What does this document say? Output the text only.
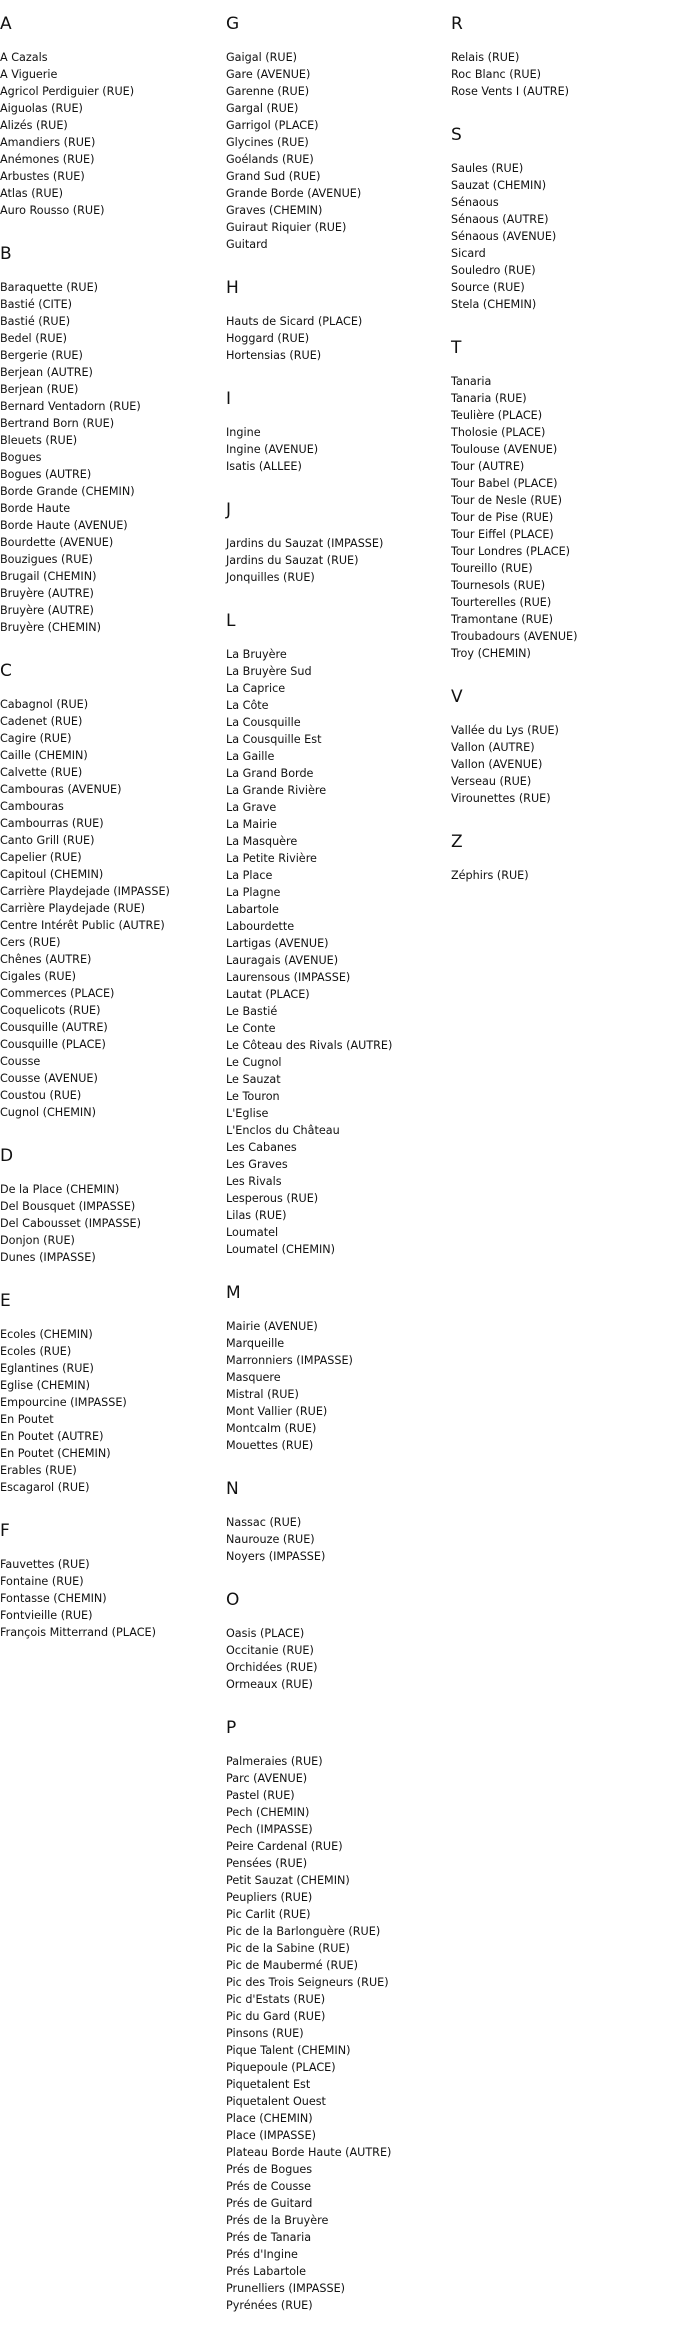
A
A Cazals
A Viguerie
Agricol Perdiguier (RUE)
Aiguolas (RUE)
Alizés (RUE)
Amandiers (RUE)
Anémones (RUE)
Arbustes (RUE)
Atlas (RUE)
Auro Rousso (RUE)
B
Baraquette (RUE)
Bastié (CITE)
Bastié (RUE)
Bedel (RUE)
Bergerie (RUE)
Berjean (AUTRE)
Berjean (RUE)
Bernard Ventadorn (RUE)
Bertrand Born (RUE)
Bleuets (RUE)
Bogues
Bogues (AUTRE)
Borde Grande (CHEMIN)
Borde Haute
Borde Haute (AVENUE)
Bourdette (AVENUE)
Bouzigues (RUE)
Brugail (CHEMIN)
Bruyère (AUTRE)
Bruyère (AUTRE)
Bruyère (CHEMIN)
C
Cabagnol (RUE)
Cadenet (RUE)
Cagire (RUE)
Caille (CHEMIN)
Calvette (RUE)
Cambouras (AVENUE)
Cambouras
Cambourras (RUE)
Canto Grill (RUE)
Capelier (RUE)
Capitoul (CHEMIN)
Carrière Playdejade (IMPASSE)
Carrière Playdejade (RUE)
Centre Intérêt Public (AUTRE)
Cers (RUE)
Chênes (AUTRE)
Cigales (RUE)
Commerces (PLACE)
Coquelicots (RUE)
Cousquille (AUTRE)
Cousquille (PLACE)
Cousse
Cousse (AVENUE)
Coustou (RUE)
Cugnol (CHEMIN)
D
De la Place (CHEMIN)
Del Bousquet (IMPASSE)
Del Cabousset (IMPASSE)
Donjon (RUE)
Dunes (IMPASSE)
E
Ecoles (CHEMIN)
Ecoles (RUE)
Eglantines (RUE)
Eglise (CHEMIN)
Empourcine (IMPASSE)
En Poutet
En Poutet (AUTRE)
En Poutet (CHEMIN)
Erables (RUE)
Escagarol (RUE)
F
Fauvettes (RUE)
Fontaine (RUE)
Fontasse (CHEMIN)
Fontvieille (RUE)
François Mitterrand (PLACE)
G
Gaigal (RUE)
Gare (AVENUE)
Garenne (RUE)
Gargal (RUE)
Garrigol (PLACE)
Glycines (RUE)
Goélands (RUE)
Grand Sud (RUE)
Grande Borde (AVENUE)
Graves (CHEMIN)
Guiraut Riquier (RUE)
Guitard
H
Hauts de Sicard (PLACE)
Hoggard (RUE)
Hortensias (RUE)
I
Ingine
Ingine (AVENUE)
Isatis (ALLEE)
J
Jardins du Sauzat (IMPASSE)
Jardins du Sauzat (RUE)
Jonquilles (RUE)
L
La Bruyère
La Bruyère Sud
La Caprice
La Côte
La Cousquille
La Cousquille Est
La Gaille
La Grand Borde
La Grande Rivière
La Grave
La Mairie
La Masquère
La Petite Rivière
La Place
La Plagne
Labartole
Labourdette
Lartigas (AVENUE)
Lauragais (AVENUE)
Laurensous (IMPASSE)
Lautat (PLACE)
Le Bastié
Le Conte
Le Côteau des Rivals (AUTRE)
Le Cugnol
Le Sauzat
Le Touron
L'Eglise
L'Enclos du Château
Les Cabanes
Les Graves
Les Rivals
Lesperous (RUE)
Lilas (RUE)
Loumatel
Loumatel (CHEMIN)
M
Mairie (AVENUE)
Marqueille
Marronniers (IMPASSE)
Masquere
Mistral (RUE)
Mont Vallier (RUE)
Montcalm (RUE)
Mouettes (RUE)
N
Nassac (RUE)
Naurouze (RUE)
Noyers (IMPASSE)
O
Oasis (PLACE)
Occitanie (RUE)
Orchidées (RUE)
Ormeaux (RUE)
P
Palmeraies (RUE)
Parc (AVENUE)
Pastel (RUE)
Pech (CHEMIN)
Pech (IMPASSE)
Peire Cardenal (RUE)
Pensées (RUE)
Petit Sauzat (CHEMIN)
Peupliers (RUE)
Pic Carlit (RUE)
Pic de la Barlonguère (RUE)
Pic de la Sabine (RUE)
Pic de Maubermé (RUE)
Pic des Trois Seigneurs (RUE)
Pic d'Estats (RUE)
Pic du Gard (RUE)
Pinsons (RUE)
Pique Talent (CHEMIN)
Piquepoule (PLACE)
Piquetalent Est
Piquetalent Ouest
Place (CHEMIN)
Place (IMPASSE)
Plateau Borde Haute (AUTRE)
Prés de Bogues
Prés de Cousse
Prés de Guitard
Prés de la Bruyère
Prés de Tanaria
Prés d'Ingine
Prés Labartole
Prunelliers (IMPASSE)
Pyrénées (RUE)
R
Relais (RUE)
Roc Blanc (RUE)
Rose Vents I (AUTRE)
S
Saules (RUE)
Sauzat (CHEMIN)
Sénaous
Sénaous (AUTRE)
Sénaous (AVENUE)
Sicard
Souledro (RUE)
Source (RUE)
Stela (CHEMIN)
T
Tanaria
Tanaria (RUE)
Teulière (PLACE)
Tholosie (PLACE)
Toulouse (AVENUE)
Tour (AUTRE)
Tour Babel (PLACE)
Tour de Nesle (RUE)
Tour de Pise (RUE)
Tour Eiffel (PLACE)
Tour Londres (PLACE)
Toureillo (RUE)
Tournesols (RUE)
Tourterelles (RUE)
Tramontane (RUE)
Troubadours (AVENUE)
Troy (CHEMIN)
V
Vallée du Lys (RUE)
Vallon (AUTRE)
Vallon (AVENUE)
Verseau (RUE)
Virounettes (RUE)
Z
Zéphirs (RUE)
